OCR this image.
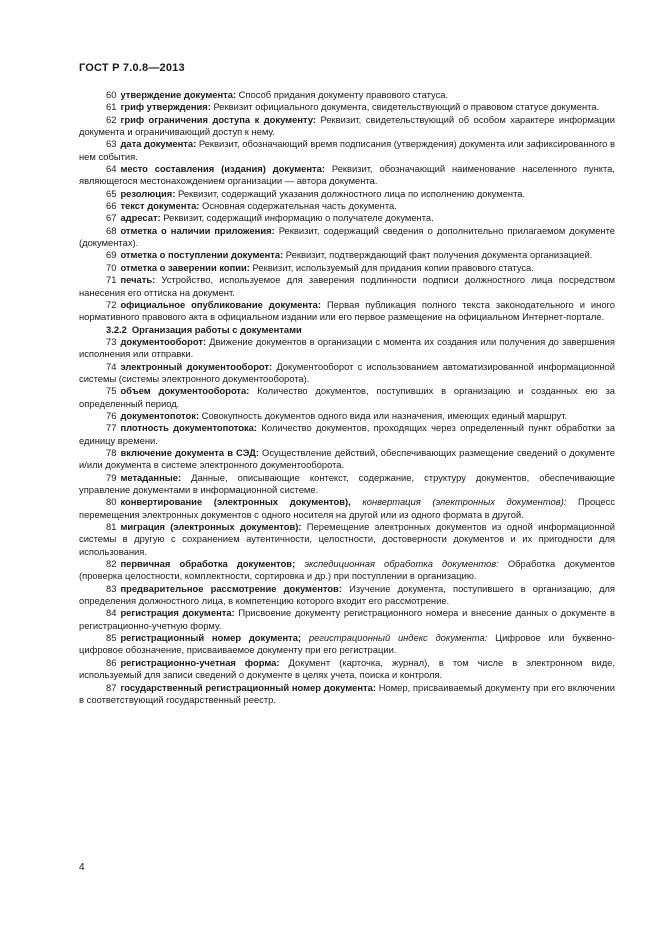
ГОСТ Р 7.0.8—2013

60 утверждение документа: Способ придания документу правового статуса.

61 гриф утверждения: Реквизит официального документа, свидетельствующий о правовом статусе документа.

62 гриф ограничения доступа к документу: Реквизит, свидетельствующий об особом характере информации документа и ограничивающий доступ к нему.

63 дата документа: Реквизит, обозначающий время подписания (утверждения) документа или зафиксированного в нем события.

64 место составления (издания) документа: Реквизит, обозначающий наименование населенного пункта, являющегося местонахождением организации — автора документа.

65 резолюция: Реквизит, содержащий указания должностного лица по исполнению документа.

66 текст документа: Основная содержательная часть документа.

67 адресат: Реквизит, содержащий информацию о получателе документа.

68 отметка о наличии приложения: Реквизит, содержащий сведения о дополнительно прилагаемом документе (документах).

69 отметка о поступлении документа: Реквизит, подтверждающий факт получения документа организацией.

70 отметка о заверении копии: Реквизит, используемый для придания копии правового статуса.

71 печать: Устройство, используемое для заверения подлинности подписи должностного лица посредством нанесения его оттиска на документ.

72 официальное опубликование документа: Первая публикация полного текста законодательного и иного нормативного правового акта в официальном издании или его первое размещение на официальном Интернет-портале.

3.2.2 Организация работы с документами

73 документооборот: Движение документов в организации с момента их создания или получения до завершения исполнения или отправки.

74 электронный документооборот: Документооборот с использованием автоматизированной информационной системы (системы электронного документооборота).

75 объем документооборота: Количество документов, поступивших в организацию и созданных ею за определенный период.

76 документопоток: Совокупность документов одного вида или назначения, имеющих единый маршрут.

77 плотность документопотока: Количество документов, проходящих через определенный пункт обработки за единицу времени.

78 включение документа в СЭД: Осуществление действий, обеспечивающих размещение сведений о документе и/или документа в системе электронного документооборота.

79 метаданные: Данные, описывающие контекст, содержание, структуру документов, обеспечивающие управление документами в информационной системе.

80 конвертирование (электронных документов), конвертация (электронных документов): Процесс перемещения электронных документов с одного носителя на другой или из одного формата в другой.

81 миграция (электронных документов): Перемещение электронных документов из одной информационной системы в другую с сохранением аутентичности, целостности, достоверности документов и их пригодности для использования.

82 первичная обработка документов; экспедиционная обработка документов: Обработка документов (проверка целостности, комплектности, сортировка и др.) при поступлении в организацию.

83 предварительное рассмотрение документов: Изучение документа, поступившего в организацию, для определения должностного лица, в компетенцию которого входит его рассмотрение.

84 регистрация документа: Присвоение документу регистрационного номера и внесение данных о документе в регистрационно-учетную форму.

85 регистрационный номер документа; регистрационный индекс документа: Цифровое или буквенно-цифровое обозначение, присваиваемое документу при его регистрации.

86 регистрационно-учетная форма: Документ (карточка, журнал), в том числе в электронном виде, используемый для записи сведений о документе в целях учета, поиска и контроля.

87 государственный регистрационный номер документа: Номер, присваиваемый документу при его включении в соответствующий государственный реестр.

4
